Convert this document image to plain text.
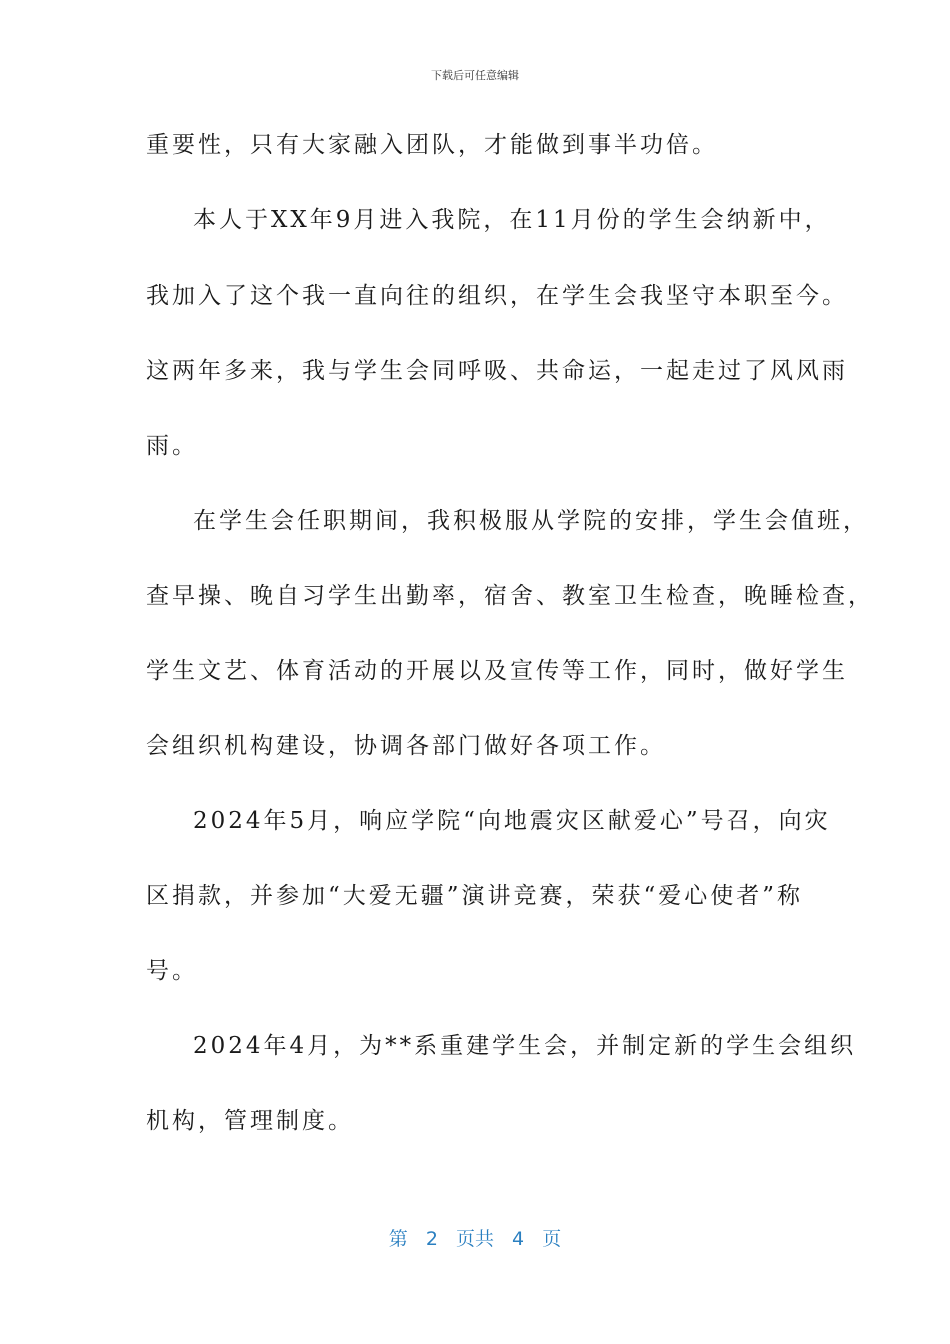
下载后可任意编辑
重要性，只有大家融入团队，才能做到事半功倍。
本人于XX年9月进入我院，在11月份的学生会纳新中，
我加入了这个我一直向往的组织，在学生会我坚守本职至今。
这两年多来，我与学生会同呼吸、共命运，一起走过了风风雨
雨。
在学生会任职期间，我积极服从学院的安排，学生会值班，
查早操、晚自习学生出勤率，宿舍、教室卫生检查，晚睡检查，
学生文艺、体育活动的开展以及宣传等工作，同时，做好学生
会组织机构建设，协调各部门做好各项工作。
2024年5月，响应学院“向地震灾区献爱心”号召，向灾
区捐款，并参加“大爱无疆”演讲竞赛，荣获“爱心使者”称
号。
2024年4月，为**系重建学生会，并制定新的学生会组织
机构，管理制度。
第 2 页共 4 页
